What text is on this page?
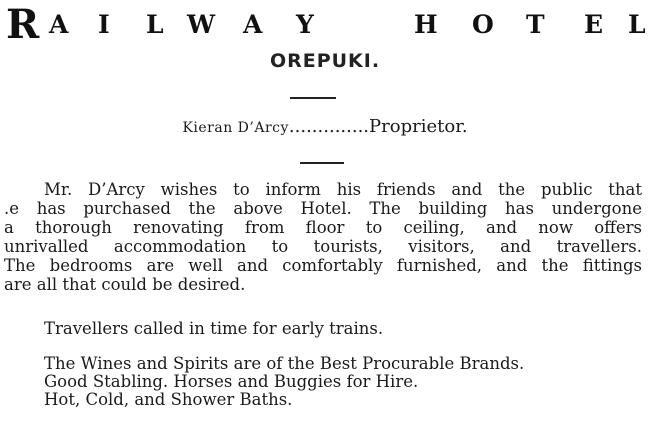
R A I L W A Y	H O T E L
OREPUKI.
Kieran D’Arcy..............Proprietor.
Mr. D’Arcy wishes to inform his friends and the public that
.e has purchased the above Hotel. The building has undergone
a thorough renovating from floor to ceiling, and now offers
unrivalled accommodation to tourists, visitors, and travellers.
The bedrooms are well and comfortably furnished, and the fittings
are all that could be desired.
Travellers called in time for early trains.
The Wines and Spirits are of the Best Procurable Brands.
Good Stabling. Horses and Buggies for Hire.
Hot, Cold, and Shower Baths.
